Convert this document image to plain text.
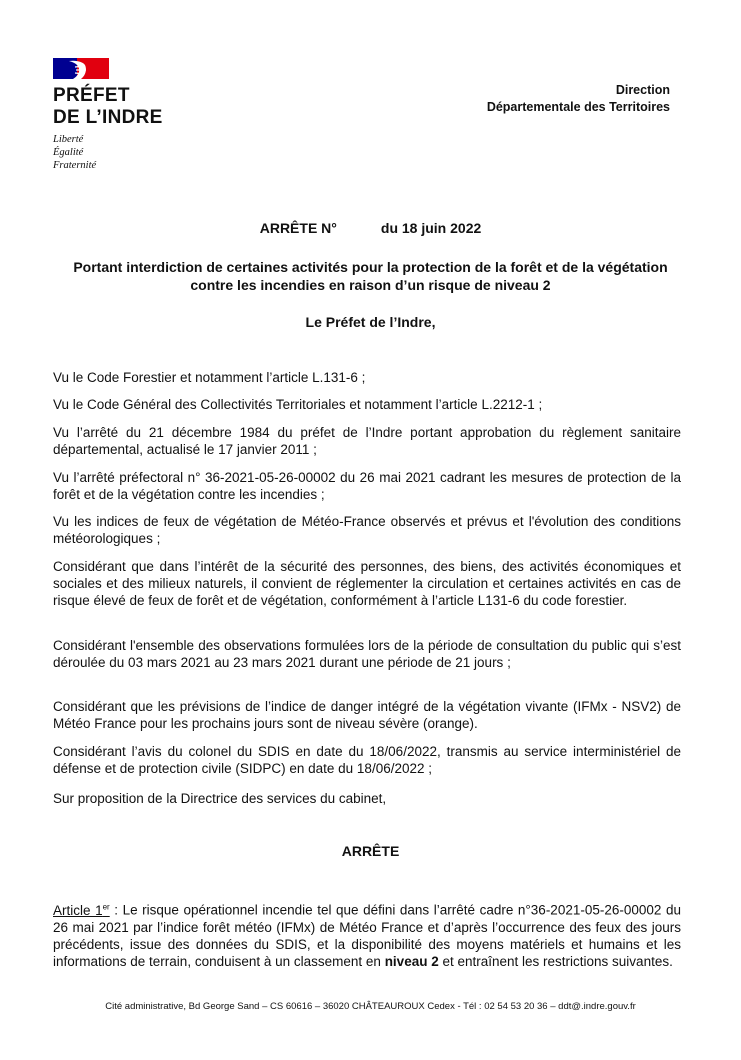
PRÉFET
DE L’INDRE
Liberté
Égalité
Fraternité
Direction
Départementale des Territoires
ARRÊTE N°	du 18 juin 2022
Portant interdiction de certaines activités pour la protection de la forêt et de la végétation contre les incendies en raison d’un risque de niveau 2
Le Préfet de l’Indre,
Vu le Code Forestier et notamment l’article L.131-6 ;
Vu le Code Général des Collectivités Territoriales et notamment l’article L.2212-1 ;
Vu l’arrêté du 21 décembre 1984 du préfet de l’Indre portant approbation du règlement sanitaire départemental, actualisé le 17 janvier 2011 ;
Vu l’arrêté préfectoral n° 36-2021-05-26-00002 du 26 mai 2021 cadrant les mesures de protection de la forêt et de la végétation contre les incendies ;
Vu les indices de feux de végétation de Météo-France observés et prévus et l'évolution des conditions météorologiques ;
Considérant que dans l’intérêt de la sécurité des personnes, des biens, des activités économiques et sociales et des milieux naturels, il convient de réglementer la circulation et certaines activités en cas de risque élevé de feux de forêt et de végétation, conformément à l’article L131-6 du code forestier.
Considérant l'ensemble des observations formulées lors de la période de consultation du public qui s’est déroulée du 03 mars 2021 au 23 mars 2021 durant une période de 21 jours ;
Considérant que les prévisions de l’indice de danger intégré de la végétation vivante (IFMx - NSV2) de Météo France pour les prochains jours sont de niveau sévère (orange).
Considérant l’avis du colonel du SDIS en date du 18/06/2022, transmis au service interministériel de défense et de protection civile (SIDPC) en date du 18/06/2022 ;
Sur proposition de la Directrice des services du cabinet,
ARRÊTE
Article 1er : Le risque opérationnel incendie tel que défini dans l’arrêté cadre n°36-2021-05-26-00002 du 26 mai 2021 par l’indice forêt météo (IFMx) de Météo France et d’après l’occurrence des feux des jours précédents, issue des données du SDIS, et la disponibilité des moyens matériels et humains et les informations de terrain, conduisent à un classement en niveau 2 et entraînent les restrictions suivantes.
Cité administrative, Bd George Sand – CS 60616 – 36020 CHÂTEAUROUX Cedex - Tél : 02 54 53 20 36 – ddt@.indre.gouv.fr
